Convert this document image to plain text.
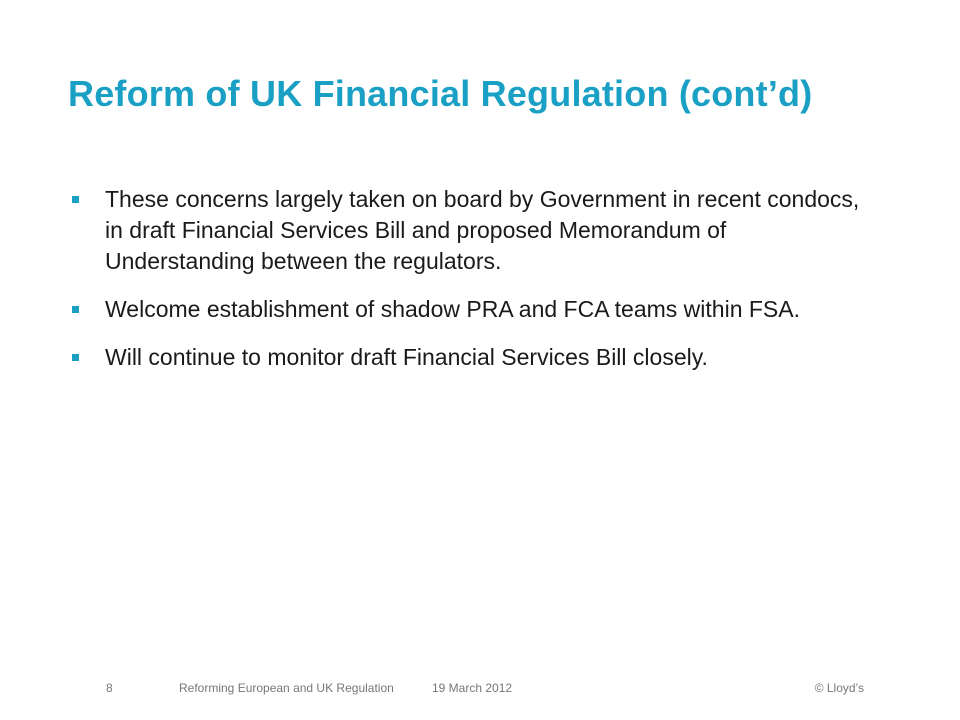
Reform of UK Financial Regulation (cont’d)
These concerns largely taken on board by Government in recent condocs, in draft Financial Services Bill and proposed Memorandum of Understanding between the regulators.
Welcome establishment of shadow PRA and FCA teams within FSA.
Will continue to monitor draft Financial Services Bill closely.
8	Reforming European and UK Regulation	19 March 2012	© Lloyd’s
